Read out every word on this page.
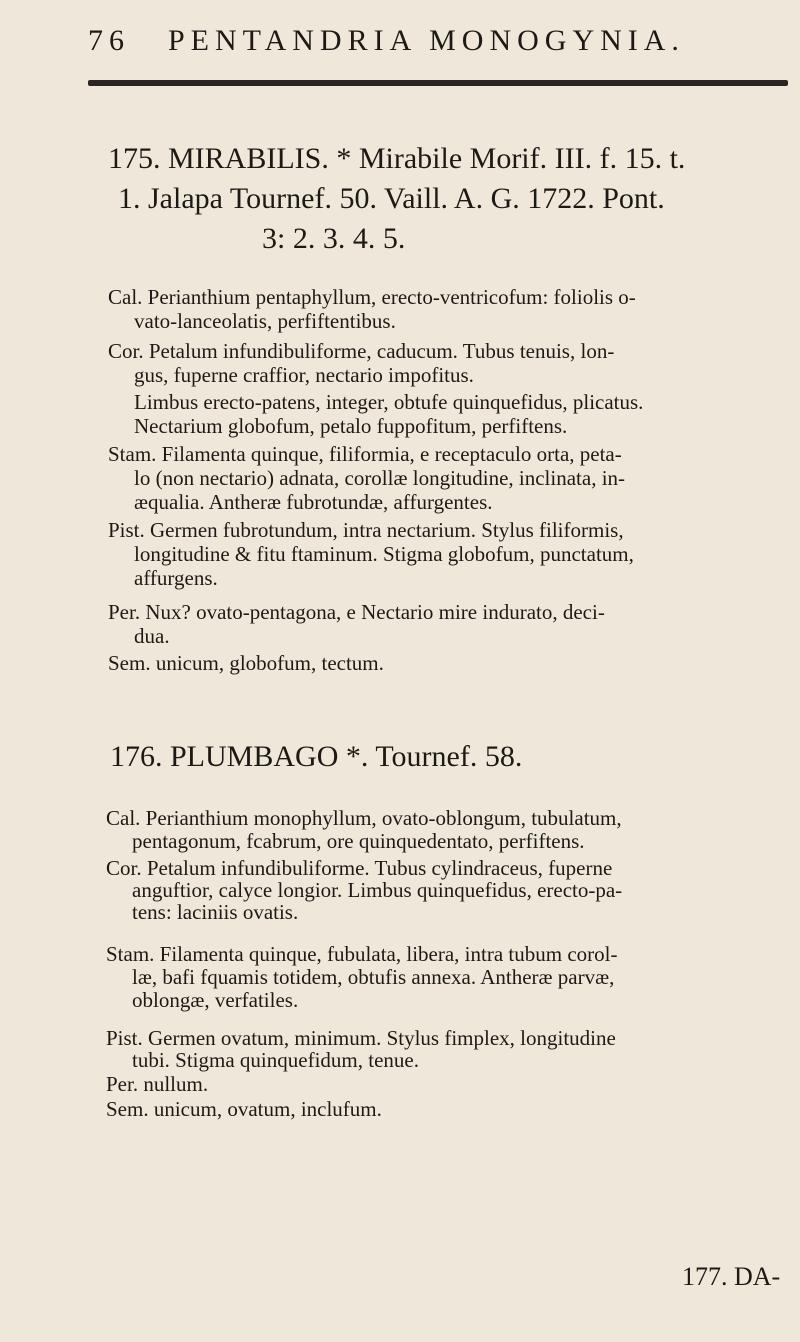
76 PENTANDRIA MONOGYNIA.
175. MIRABILIS. * Mirabile Morif. III. f. 15. t.
1. Jalapa Tournef. 50. Vaill. A. G. 1722. Pont.
3: 2. 3. 4. 5.
Cal. Perianthium pentaphyllum, erecto-ventricofum: foliolis o-
vato-lanceolatis, perfiftentibus.
Cor. Petalum infundibuliforme, caducum. Tubus tenuis, lon-
gus, fuperne craffior, nectario impofitus.
Limbus erecto-patens, integer, obtufe quinquefidus, plicatus.
Nectarium globofum, petalo fuppofitum, perfiftens.
Stam. Filamenta quinque, filiformia, e receptaculo orta, peta-
lo (non nectario) adnata, corollæ longitudine, inclinata, in-
æqualia. Antheræ fubrotundæ, affurgentes.
Pist. Germen fubrotundum, intra nectarium. Stylus filiformis,
longitudine & fitu ftaminum. Stigma globofum, punctatum,
affurgens.
Per. Nux? ovato-pentagona, e Nectario mire indurato, deci-
dua.
Sem. unicum, globofum, tectum.
176. PLUMBAGO *. Tournef. 58.
Cal. Perianthium monophyllum, ovato-oblongum, tubulatum,
pentagonum, fcabrum, ore quinquedentato, perfiftens.
Cor. Petalum infundibuliforme. Tubus cylindraceus, fuperne
anguftior, calyce longior. Limbus quinquefidus, erecto-pa-
tens: laciniis ovatis.
Stam. Filamenta quinque, fubulata, libera, intra tubum corol-
læ, bafi fquamis totidem, obtufis annexa. Antheræ parvæ,
oblongæ, verfatiles.
Pist. Germen ovatum, minimum. Stylus fimplex, longitudine
tubi. Stigma quinquefidum, tenue.
Per. nullum.
Sem. unicum, ovatum, inclufum.
177. DA-
